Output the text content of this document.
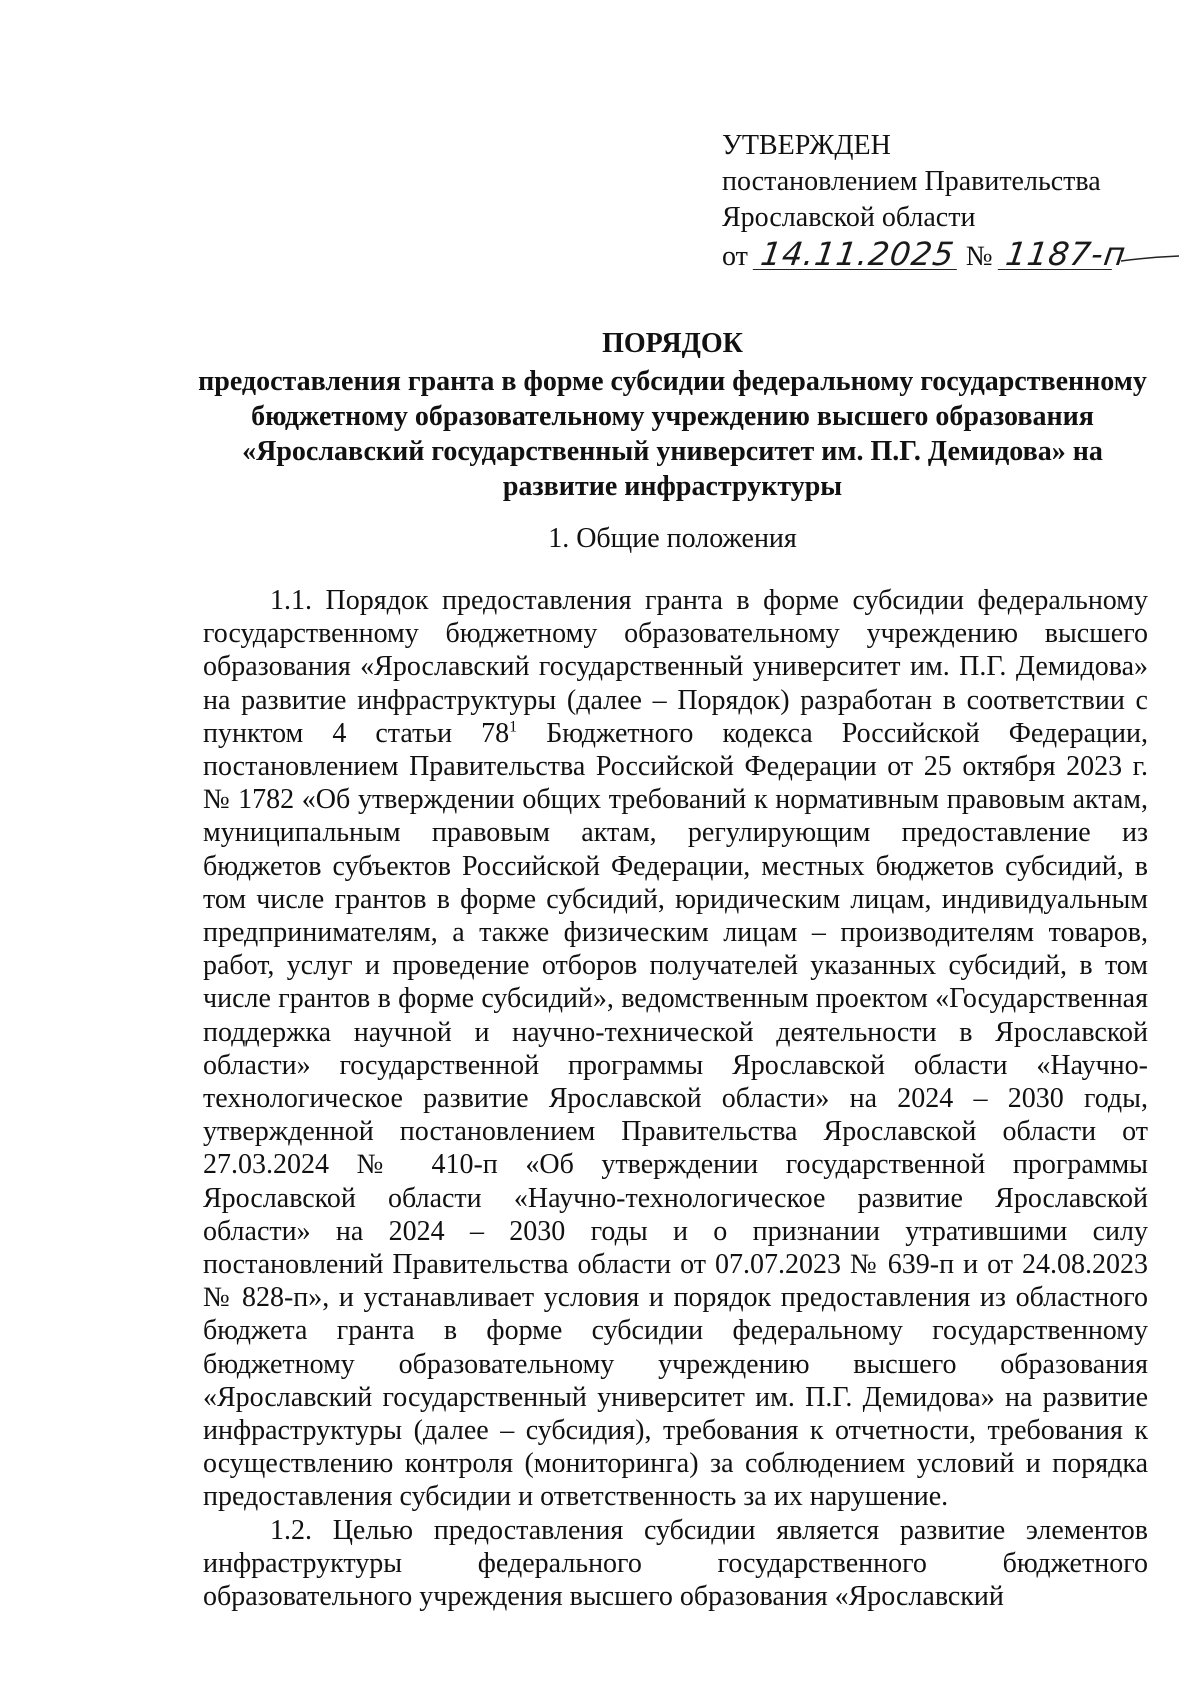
УТВЕРЖДЕН
постановлением Правительства
Ярославской области
от 14.11.2025 № 1187-п
ПОРЯДОК
предоставления гранта в форме субсидии федеральному государственному бюджетному образовательному учреждению высшего образования «Ярославский государственный университет им. П.Г. Демидова» на развитие инфраструктуры
1. Общие положения

1.1. Порядок предоставления гранта в форме субсидии федеральному государственному бюджетному образовательному учреждению высшего образования «Ярославский государственный университет им. П.Г. Демидова» на развитие инфраструктуры (далее – Порядок) разработан в соответствии с пунктом 4 статьи $78^1$ Бюджетного кодекса Российской Федерации, постановлением Правительства Российской Федерации от 25 октября 2023 г. № 1782 «Об утверждении общих требований к нормативным правовым актам, муниципальным правовым актам, регулирующим предоставление из бюджетов субъектов Российской Федерации, местных бюджетов субсидий, в том числе грантов в форме субсидий, юридическим лицам, индивидуальным предпринимателям, а также физическим лицам – производителям товаров, работ, услуг и проведение отборов получателей указанных субсидий, в том числе грантов в форме субсидий», ведомственным проектом «Государственная поддержка научной и научно-технической деятельности в Ярославской области» государственной программы Ярославской области «Научно-технологическое развитие Ярославской области» на 2024 – 2030 годы, утвержденной постановлением Правительства Ярославской области от 27.03.2024 № 410-п «Об утверждении государственной программы Ярославской области «Научно-технологическое развитие Ярославской области» на 2024 – 2030 годы и о признании утратившими силу постановлений Правительства области от 07.07.2023 № 639-п и от 24.08.2023 № 828-п», и устанавливает условия и порядок предоставления из областного бюджета гранта в форме субсидии федеральному государственному бюджетному образовательному учреждению высшего образования «Ярославский государственный университет им. П.Г. Демидова» на развитие инфраструктуры (далее – субсидия), требования к отчетности, требования к осуществлению контроля (мониторинга) за соблюдением условий и порядка предоставления субсидии и ответственность за их нарушение.

1.2. Целью предоставления субсидии является развитие элементов инфраструктуры федерального государственного бюджетного образовательного учреждения высшего образования «Ярославский
